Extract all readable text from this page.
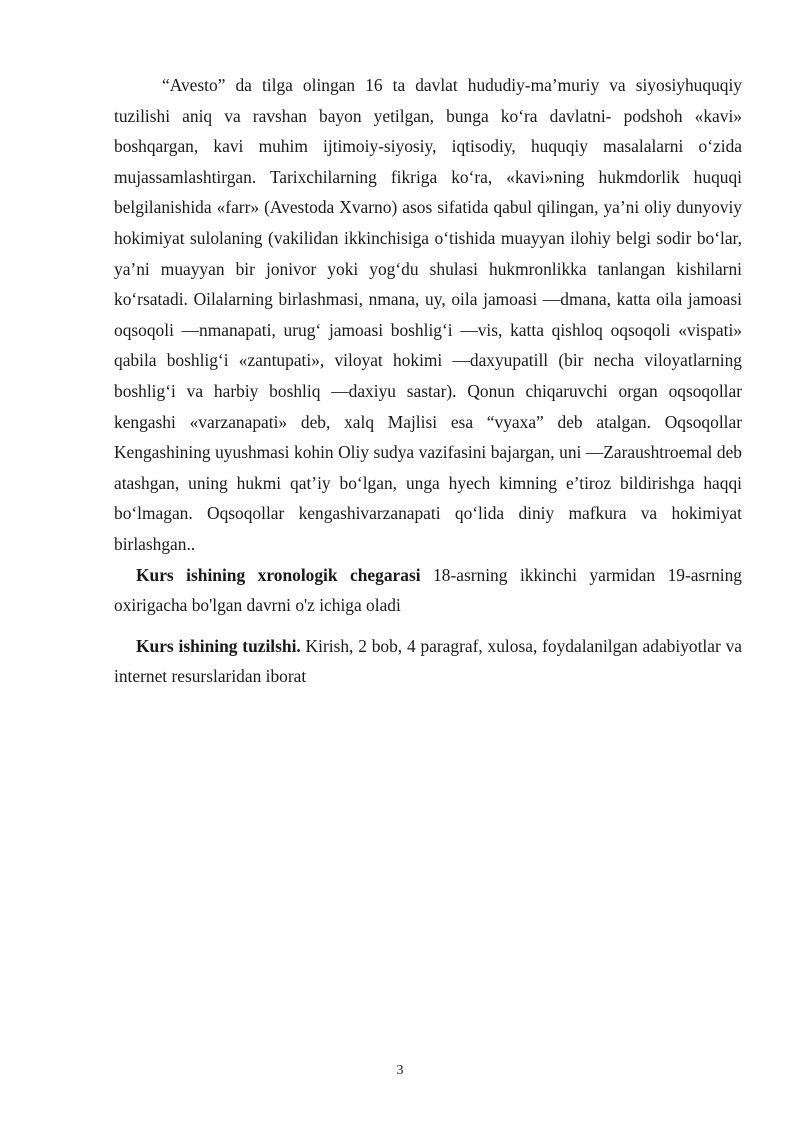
“Avesto” da tilga olingan 16 ta davlat hududiy-ma’muriy va siyosiyhuquqiy tuzilishi aniq va ravshan bayon yetilgan, bunga ko‘ra davlatni- podshoh «kavi» boshqargan, kavi muhim ijtimoiy-siyosiy, iqtisodiy, huquqiy masalalarni o‘zida mujassamlashtirgan. Tarixchilarning fikriga ko‘ra, «kavi»ning hukmdorlik huquqi belgilanishida «farr» (Avestoda Xvarno) asos sifatida qabul qilingan, ya’ni oliy dunyoviy hokimiyat sulolaning (vakilidan ikkinchisiga o‘tishida muayyan ilohiy belgi sodir bo‘lar, ya’ni muayyan bir jonivor yoki yog‘du shulasi hukmronlikka tanlangan kishilarni ko‘rsatadi. Oilalarning birlashmasi, nmana, uy, oila jamoasi —dmana, katta oila jamoasi oqsoqoli —nmanapati, urug‘ jamoasi boshlig‘i —vis, katta qishloq oqsoqoli «vispati» qabila boshlig‘i «zantupati», viloyat hokimi —daxyupatill (bir necha viloyatlarning boshlig‘i va harbiy boshliq —daxiyu sastar). Qonun chiqaruvchi organ oqsoqollar kengashi «varzanapati» deb, xalq Majlisi esa “vyaxa” deb atalgan. Oqsoqollar Kengashining uyushmasi kohin Oliy sudya vazifasini bajargan, uni —Zaraushtroemal deb atashgan, uning hukmi qat’iy bo‘lgan, unga hyech kimning e’tiroz bildirishga haqqi bo‘lmagan. Oqsoqollar kengashivarzanapati qo‘lida diniy mafkura va hokimiyat birlashgan..

Kurs ishining xronologik chegarasi 18-asrning ikkinchi yarmidan 19-asrning oxirigacha bo'lgan davrni o'z ichiga oladi

Kurs ishining tuzilshi. Kirish, 2 bob, 4 paragraf, xulosa, foydalanilgan adabiyotlar va internet resurslaridan iborat

3
